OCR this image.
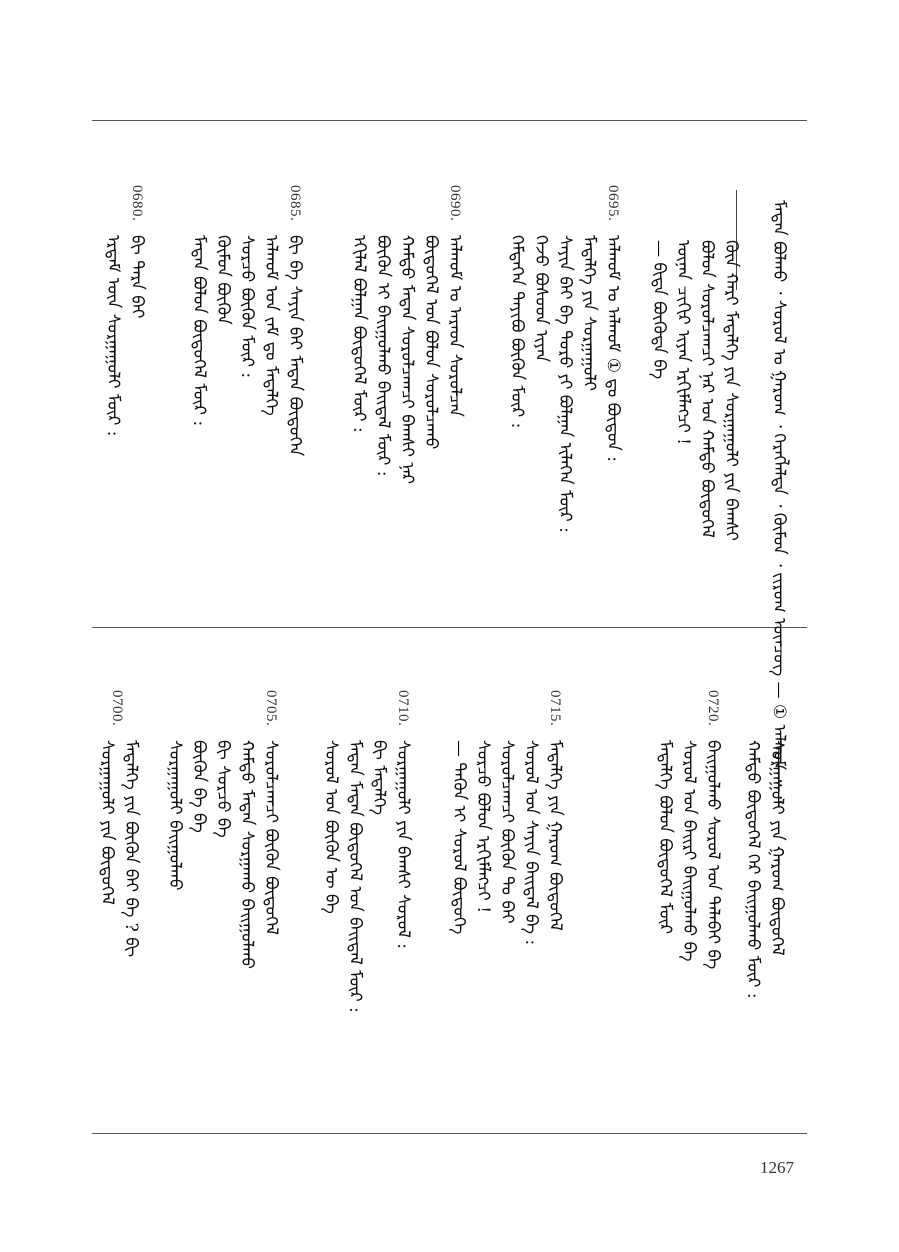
ᠮᠡᠳᠡᠨ ᠪᠤᠯᠬᠤ ᠂ ᠰᠤᠷᠤᠯ ᠤ ᠭᠠᠷᠤᠭ ᠂ ᠬᠡᠷᠡᠭᠯᠡᠯᠲᠡ ᠂ ᠬᠦᠮᠦᠨ ᠂ ᠵᠢᠷᠤᠭ ᠥᠨᠴᠦᠭ — ① ᠠᠯᠬᠤᠮ ᠃ ᠃
ᠭᠦᠨ ᠬᠠᠷᠢ ᠮᠡᠳᠡᠯᠭᠡ ᠶᠢᠨ ᠰᠤᠷᠭᠠᠭᠤᠯᠢ ᠶᠢᠨ ᠪᠠᠭᠰᠢ
ᠪᠣᠯᠤᠨ ᠰᠤᠷᠤᠯᠴᠠᠭᠴᠢ ᠨᠠᠷ ᠤᠨ ᠬᠠᠮᠲᠤ ᠪᠦᠲᠦᠭᠡᠯ
ᠦᠨᠡᠨ ᠴᠢᠬᠢᠷ ᠢᠶᠡᠨ ᠡᠷᠬᠢᠮᠯᠡᠭᠴᠢ !
— ᠪᠢᠳᠡ ᠪᠦᠭᠦᠳᠡ ᠪᠠ
0695.
ᠠᠯᠬᠤᠮ ᠤ ᠠᠯᠬᠤᠮ ① ᠳᠤ ᠪᠦᠲᠦᠨ :
ᠮᠡᠳᠡᠯᠭᠡ ᠶᠢᠨ ᠰᠤᠷᠭᠠᠭᠤᠯᠢ
ᠰᠠᠶᠢᠨ ᠪᠠᠢ ᠪᠠ ᠲᠣᠷᠤ ᠶᠢ ᠪᠤᠯᠭᠠᠨ ᠢᠯᠡᠬᠡᠨ ᠮᠥᠷ :
ᠭᠡᠵᠦ ᠪᠤᠰᠤᠳ ᠢᠶᠠᠨ
ᠭᠡᠮᠲᠡᠭᠡᠨ ᠲᠠᠶᠢᠪᠤ ᠪᠦᠬᠦᠨ ᠮᠥᠷ :
0690.
ᠠᠯᠬᠤᠮ ᠤ ᠠᠷᠠᠳ ᠰᠤᠷᠤᠯᠴᠠᠨ
ᠪᠦᠲᠦᠭᠡᠯ ᠤᠨ ᠪᠣᠯᠤᠨ ᠰᠤᠷᠤᠯᠴᠠᠬᠤ
ᠬᠠᠮᠲᠤ ᠮᠡᠳᠡᠨ ᠰᠤᠷᠤᠯᠴᠠᠭᠴᠢ ᠪᠠᠭᠰᠢ ᠨᠠᠷ
ᠪᠦᠬᠦᠨ ᠢ ᠪᠠᠢᠭᠤᠯᠬᠤ ᠪᠠᠢᠳᠠᠯ ᠮᠥᠷ :
ᠡᠬᠢᠯᠡᠯ ᠪᠣᠯᠭᠠᠨ ᠪᠦᠲᠦᠭᠡᠯ ᠮᠥᠷ :
0685.
ᠪᠢ ᠪᠠ ᠰᠠᠶᠢᠨ ᠪᠠᠢ ᠮᠡᠳᠡᠨ ᠪᠦᠲᠦᠭᠡᠨ
ᠠᠯᠬᠤᠮ ᠤᠨ ᠵᠠᠮ ᠳᠤ ᠮᠡᠳᠡᠯᠭᠡ
ᠰᠤᠷᠴᠤ ᠪᠦᠬᠦᠨ ᠮᠥᠷ :
ᠬᠦᠮᠦᠨ ᠪᠦᠬᠦᠨ
ᠮᠡᠳᠡᠨ ᠪᠣᠯᠤᠨ ᠪᠦᠲᠦᠭᠡᠯ ᠮᠥᠷ :
0680.
ᠪᠢ ᠲᠡᠷᠡ ᠪᠠᠢ
ᠡᠷᠳᠡᠮ ᠦᠨ ᠰᠤᠷᠭᠠᠭᠤᠯᠢ ᠮᠥᠷ :
0720.
ᠰᠤᠷᠭᠠᠭᠤᠯᠢ ᠶᠢᠨ ᠭᠠᠷᠤᠭ ᠪᠦᠲᠦᠭᠡᠯ
ᠬᠠᠮᠲᠤ ᠪᠦᠲᠦᠭᠡᠯ ᠭᠡᠷ ᠪᠠᠢᠭᠤᠯᠬᠤ ᠮᠥᠷ :
ᠪᠠᠢᠭᠤᠯᠬᠤ ᠰᠤᠷᠤᠯ ᠤᠨ ᠲᠠᠯᠠᠪᠠᠢ ᠪᠠ
ᠰᠤᠷᠤᠯ ᠤᠨ ᠪᠠᠢᠷᠢ ᠪᠠᠢᠭᠤᠯᠬᠤ ᠪᠠ
ᠮᠡᠳᠡᠯᠭᠡ ᠪᠣᠯᠤᠨ ᠪᠦᠲᠦᠭᠡᠯ ᠮᠥᠷ
0715.
ᠮᠡᠳᠡᠯᠭᠡ ᠶᠢᠨ ᠭᠠᠷᠤᠭ ᠪᠦᠲᠦᠭᠡᠯ
ᠰᠤᠷᠤᠯ ᠤᠨ ᠰᠠᠶᠢᠨ ᠪᠠᠢᠳᠠᠯ ᠪᠠ :
ᠰᠤᠷᠤᠯᠴᠠᠭᠴᠢ ᠪᠦᠬᠦᠨ ᠲᠤ ᠪᠠᠢ
ᠰᠤᠷᠴᠤ ᠪᠣᠯᠤᠨ ᠡᠷᠬᠢᠮᠯᠡᠭᠴᠢ !
— ᠲᠡᠭᠦᠨ ᠢ ᠰᠤᠷᠤᠯ ᠪᠦᠲᠦᠭᠡ
0710.
ᠰᠤᠷᠭᠠᠭᠤᠯᠢ ᠶᠢᠨ ᠪᠠᠭᠰᠢ ᠰᠤᠷᠤᠯ :
ᠪᠢ ᠮᠡᠳᠡᠯᠭᠡ
ᠮᠡᠳᠡᠨ ᠮᠡᠳᠡᠨ ᠪᠦᠲᠦᠭᠡᠯ ᠤᠨ ᠪᠠᠢᠳᠠᠯ ᠮᠥᠷ :
ᠰᠤᠷᠤᠯ ᠤᠨ ᠪᠦᠬᠦᠨ ᠦ ᠪᠠ
0705.
ᠰᠤᠷᠤᠯᠴᠠᠭᠴᠢ ᠪᠦᠬᠦᠨ ᠪᠦᠲᠦᠭᠡᠯ
ᠬᠠᠮᠲᠤ ᠮᠡᠳᠡᠨ ᠰᠤᠷᠭᠠᠬᠤ ᠪᠠᠢᠭᠤᠯᠬᠤ
ᠪᠢ ᠰᠤᠷᠴᠤ ᠪᠠ
ᠪᠦᠬᠦᠨ ᠪᠠ ᠪᠠ
ᠰᠤᠷᠭᠠᠭᠤᠯᠢ ᠪᠠᠢᠭᠤᠯᠬᠤ
0700.
ᠮᠡᠳᠡᠯᠭᠡ ᠶᠢᠨ ᠪᠦᠬᠦᠨ ᠪᠠᠢ ᠪᠠ ? ᠪᠢ
ᠰᠤᠷᠭᠠᠭᠤᠯᠢ ᠶᠢᠨ ᠪᠦᠲᠦᠭᠡᠯ
1267
